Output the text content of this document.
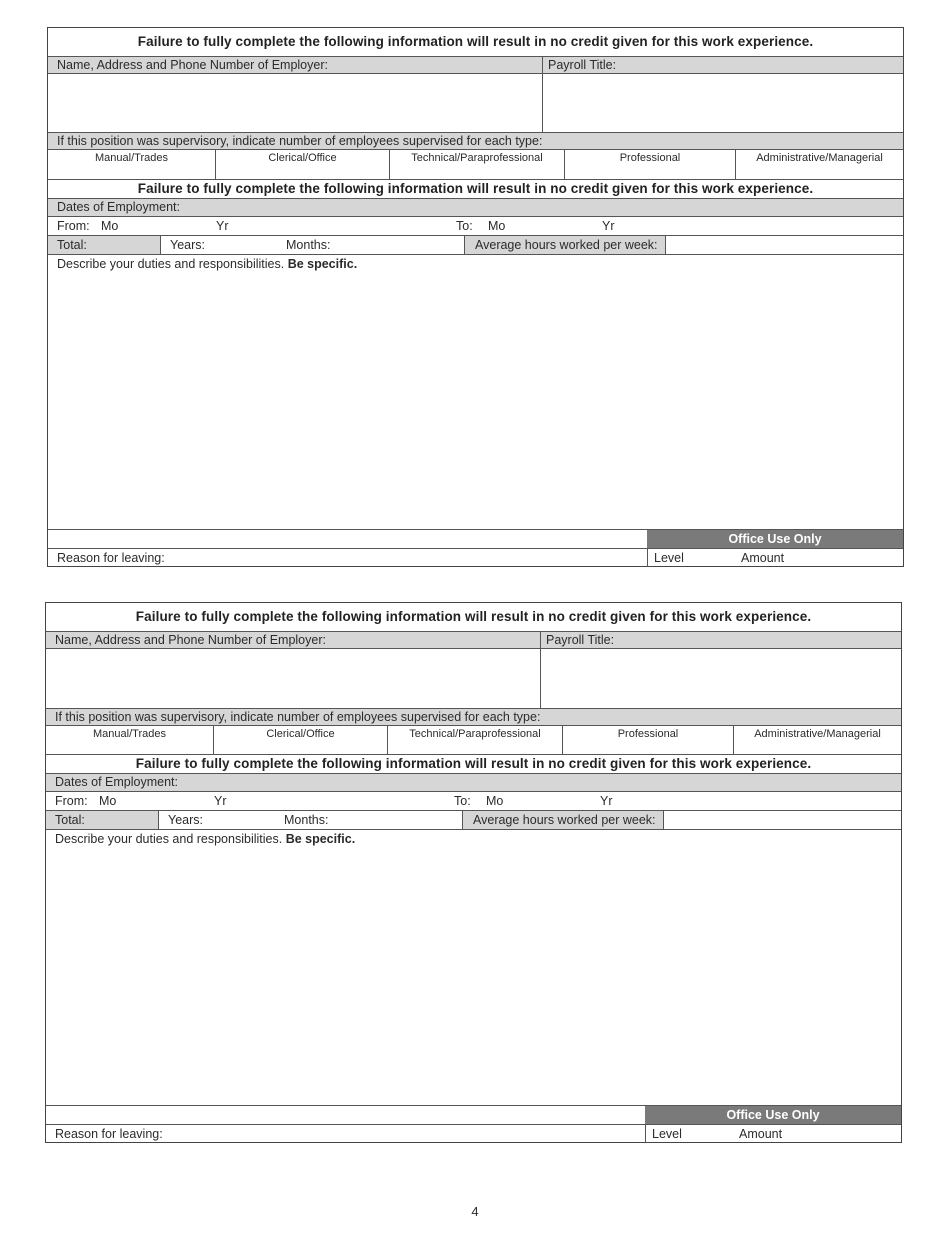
Failure to fully complete the following information will result in no credit given for this work experience.
Name, Address and Phone Number of Employer:	Payroll Title:
If this position was supervisory, indicate number of employees supervised for each type:
Manual/Trades	Clerical/Office	Technical/Paraprofessional	Professional	Administrative/Managerial
Failure to fully complete the following information will result in no credit given for this work experience.
Dates of Employment:
From: Mo	Yr	To: Mo	Yr
Total:	Years:	Months:	Average hours worked per week:
Describe your duties and responsibilities. Be specific.
Office Use Only
Reason for leaving:	Level	Amount
Failure to fully complete the following information will result in no credit given for this work experience.
Name, Address and Phone Number of Employer:	Payroll Title:
If this position was supervisory, indicate number of employees supervised for each type:
Manual/Trades	Clerical/Office	Technical/Paraprofessional	Professional	Administrative/Managerial
Failure to fully complete the following information will result in no credit given for this work experience.
Dates of Employment:
From: Mo	Yr	To: Mo	Yr
Total:	Years:	Months:	Average hours worked per week:
Describe your duties and responsibilities. Be specific.
Office Use Only
Reason for leaving:	Level	Amount
4
